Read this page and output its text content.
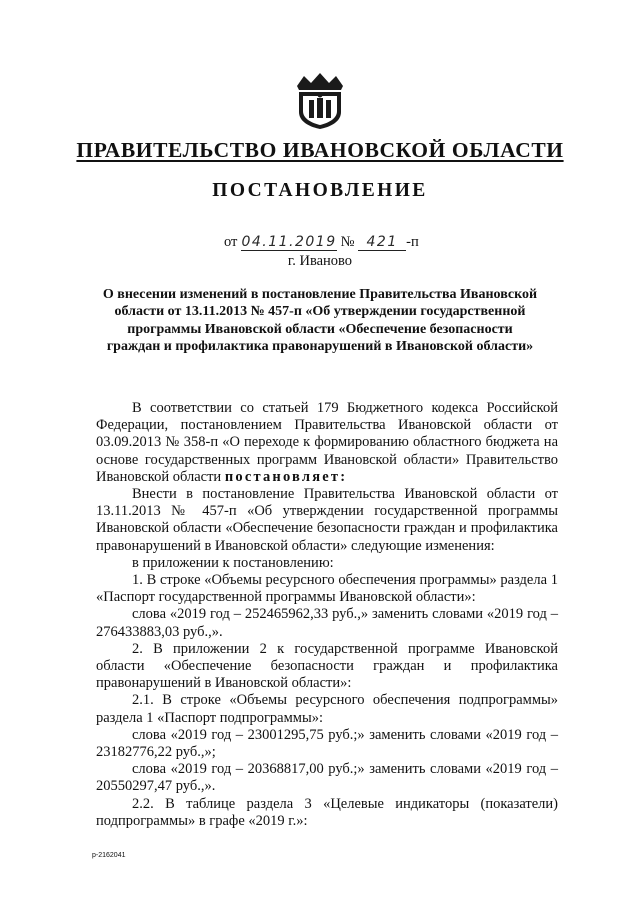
ПРАВИТЕЛЬСТВО ИВАНОВСКОЙ ОБЛАСТИ
ПОСТАНОВЛЕНИЕ
от 04.11.2019 № 421 -п
г. Иваново
О внесении изменений в постановление Правительства Ивановской области от 13.11.2013 № 457-п «Об утверждении государственной программы Ивановской области «Обеспечение безопасности граждан и профилактика правонарушений в Ивановской области»

В соответствии со статьей 179 Бюджетного кодекса Российской Федерации, постановлением Правительства Ивановской области от 03.09.2013 № 358-п «О переходе к формированию областного бюджета на основе государственных программ Ивановской области» Правительство Ивановской области постановляет:

Внести в постановление Правительства Ивановской области от 13.11.2013 № 457-п «Об утверждении государственной программы Ивановской области «Обеспечение безопасности граждан и профилактика правонарушений в Ивановской области» следующие изменения:

в приложении к постановлению:

1. В строке «Объемы ресурсного обеспечения программы» раздела 1 «Паспорт государственной программы Ивановской области»:

слова «2019 год – 252465962,33 руб.,» заменить словами «2019 год – 276433883,03 руб.,».

2. В приложении 2 к государственной программе Ивановской области «Обеспечение безопасности граждан и профилактика правонарушений в Ивановской области»:

2.1. В строке «Объемы ресурсного обеспечения подпрограммы» раздела 1 «Паспорт подпрограммы»:

слова «2019 год – 23001295,75 руб.;» заменить словами «2019 год – 23182776,22 руб.,»;

слова «2019 год – 20368817,00 руб.;» заменить словами «2019 год – 20550297,47 руб.,».

2.2. В таблице раздела 3 «Целевые индикаторы (показатели) подпрограммы» в графе «2019 г.»:

р-2162041
